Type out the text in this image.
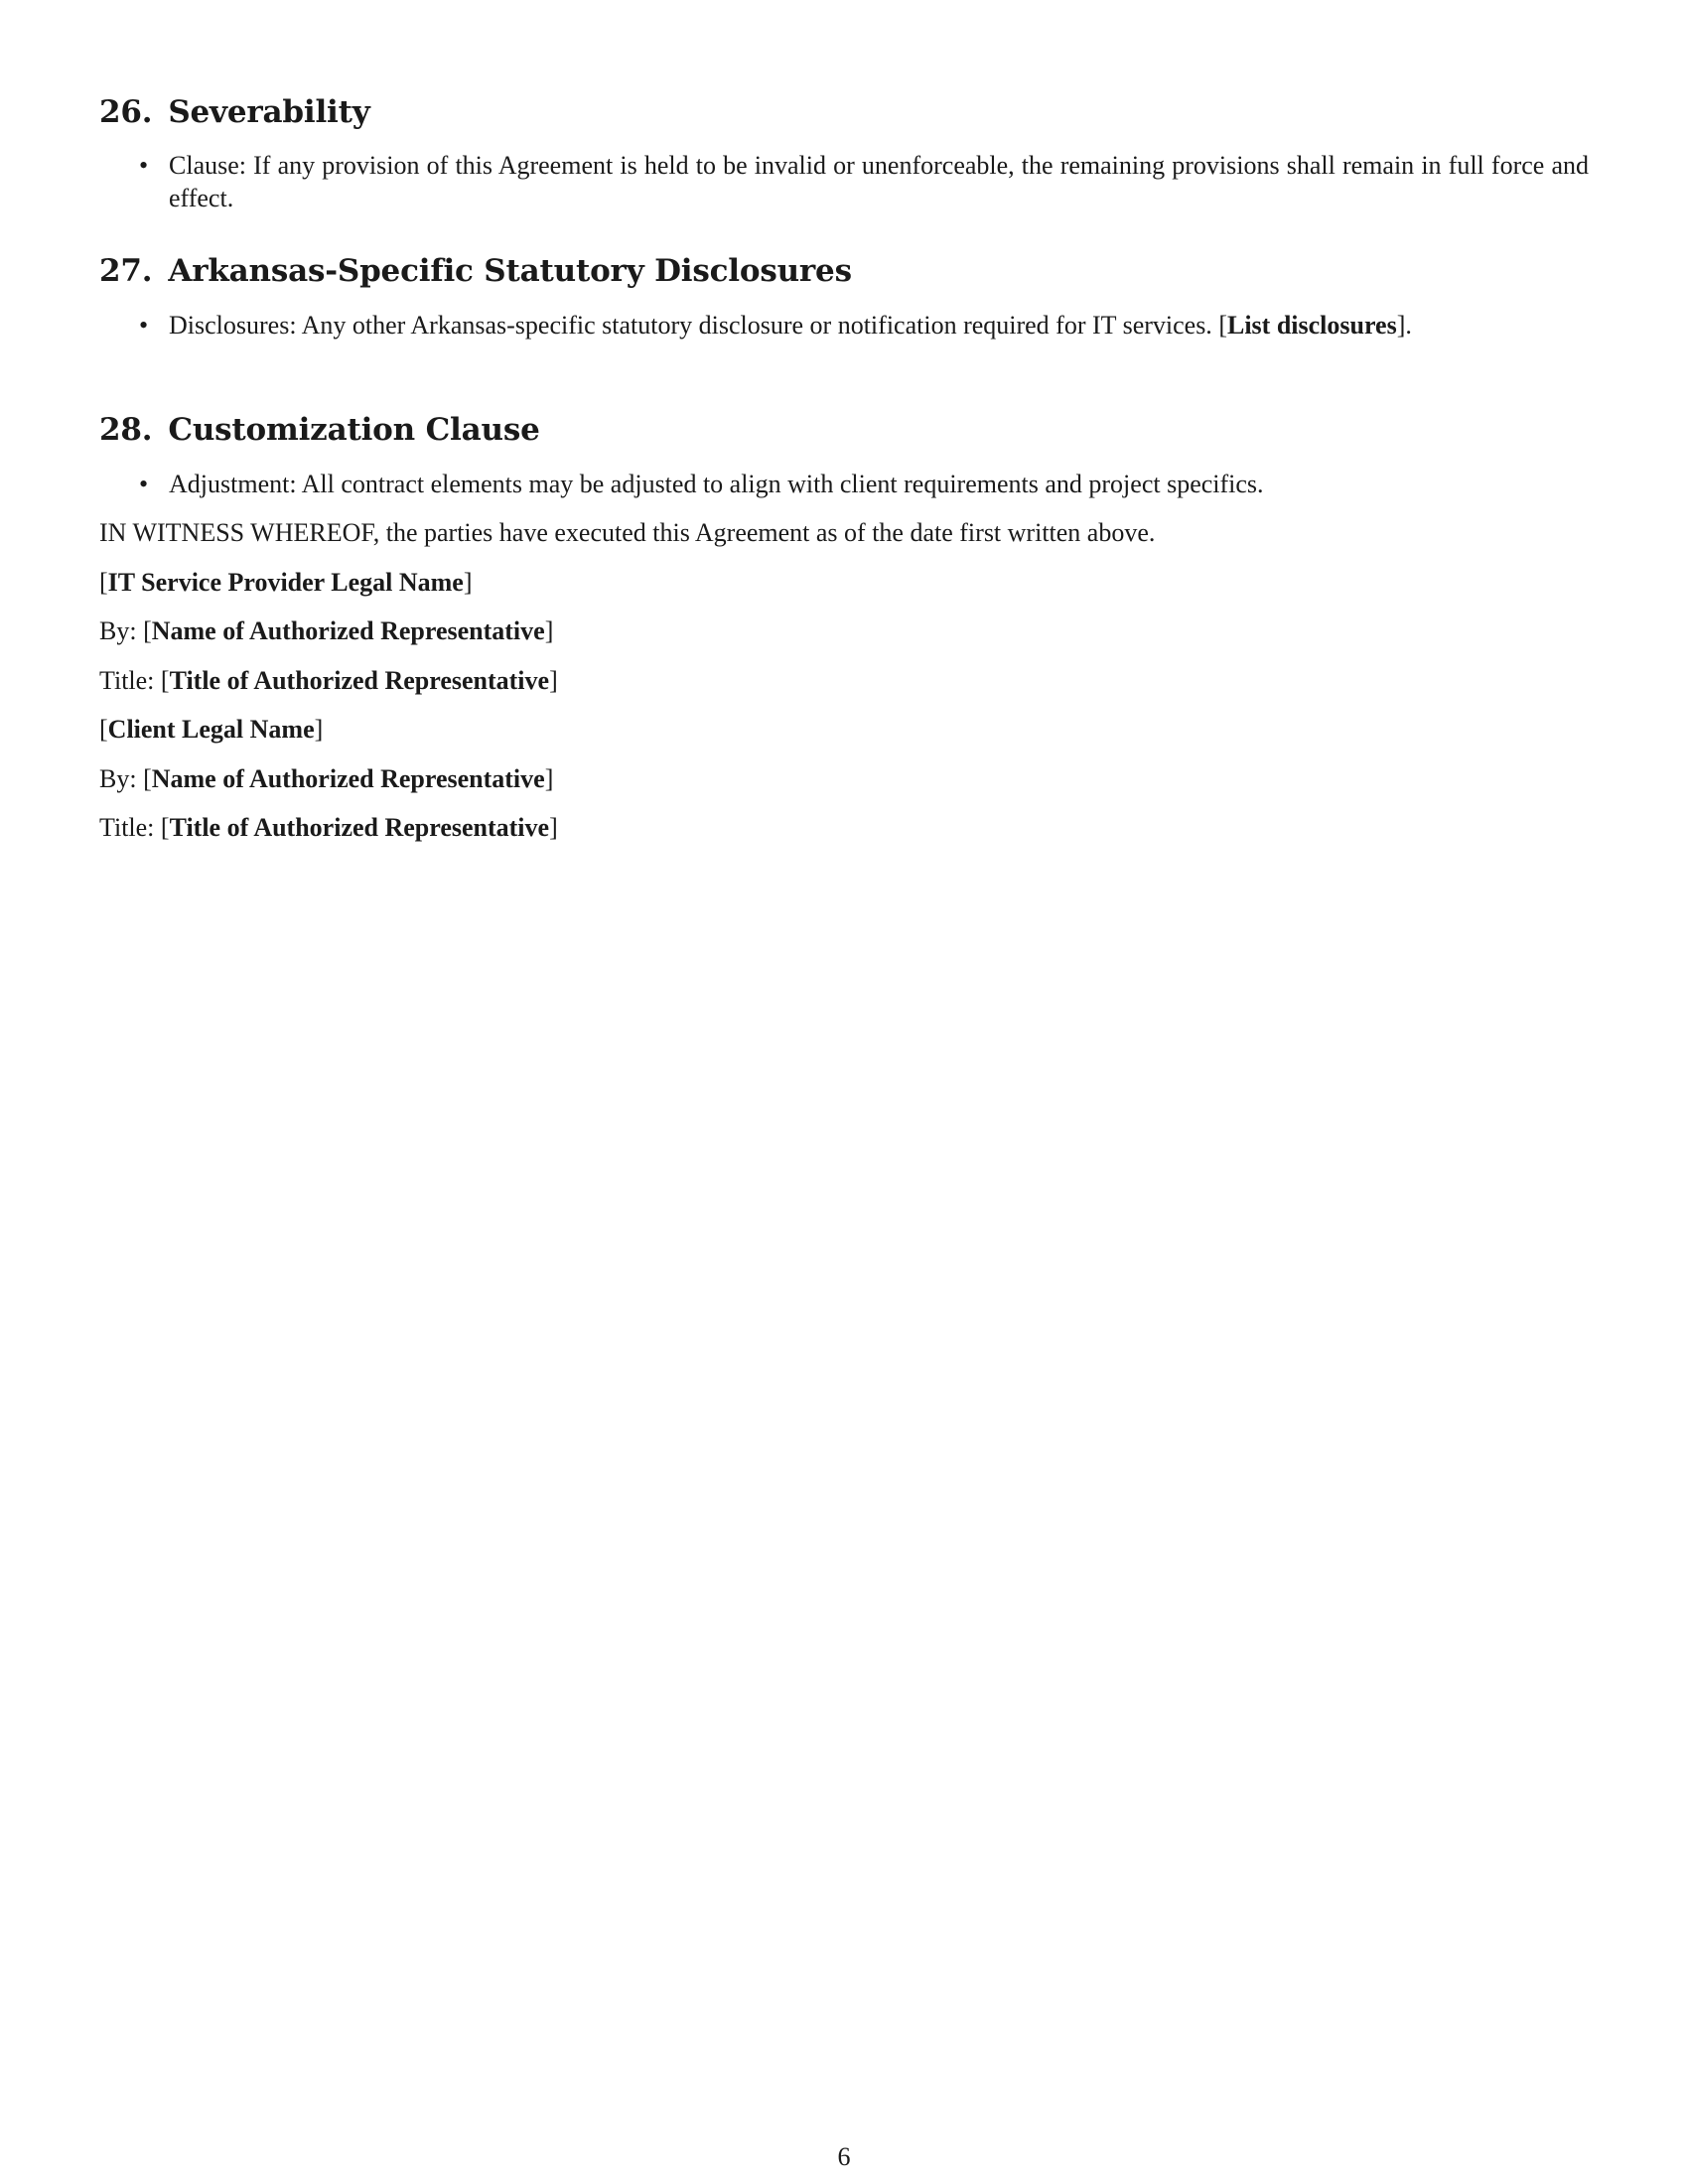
26. Severability
• Clause: If any provision of this Agreement is held to be invalid or unenforceable, the remaining provisions shall remain in full force and effect.
27. Arkansas-Specific Statutory Disclosures
• Disclosures: Any other Arkansas-specific statutory disclosure or notification required for IT services. [List disclosures].
28. Customization Clause
• Adjustment: All contract elements may be adjusted to align with client requirements and project specifics.
IN WITNESS WHEREOF, the parties have executed this Agreement as of the date first written above.
[IT Service Provider Legal Name]
By: [Name of Authorized Representative]
Title: [Title of Authorized Representative]
[Client Legal Name]
By: [Name of Authorized Representative]
Title: [Title of Authorized Representative]
6
